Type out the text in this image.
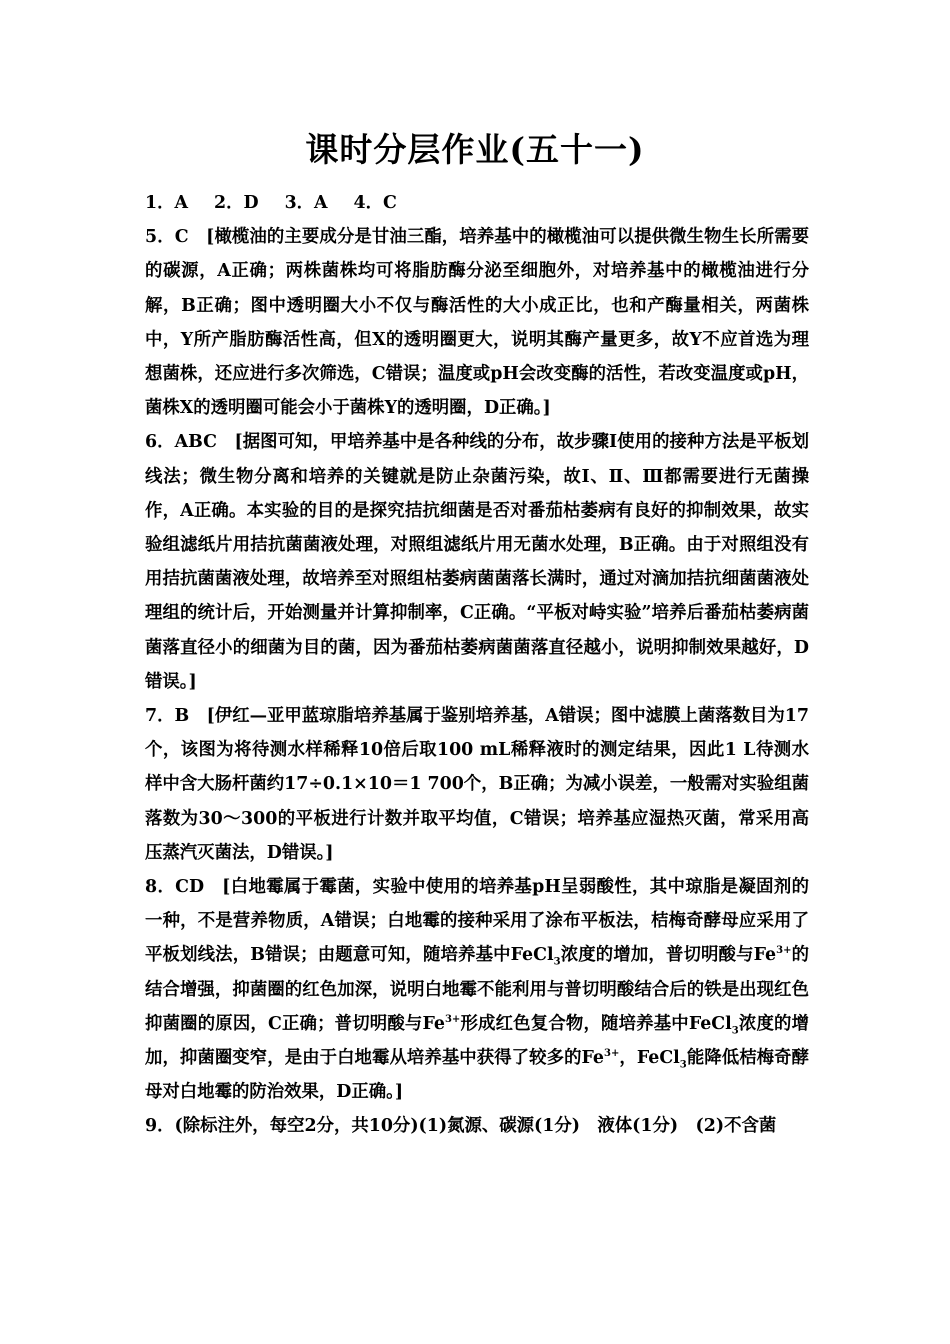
课时分层作业(五十一)

1．A 2．D 3．A 4．C

5．C　[橄榄油的主要成分是甘油三酯，培养基中的橄榄油可以提供微生物生长所需要的碳源，A正确；两株菌株均可将脂肪酶分泌至细胞外，对培养基中的橄榄油进行分解，B正确；图中透明圈大小不仅与酶活性的大小成正比，也和产酶量相关，两菌株中，Y所产脂肪酶活性高，但X的透明圈更大，说明其酶产量更多，故Y不应首选为理想菌株，还应进行多次筛选，C错误；温度或pH会改变酶的活性，若改变温度或pH，菌株X的透明圈可能会小于菌株Y的透明圈，D正确。]

6．ABC　[据图可知，甲培养基中是各种线的分布，故步骤Ⅰ使用的接种方法是平板划线法；微生物分离和培养的关键就是防止杂菌污染，故Ⅰ、Ⅱ、Ⅲ都需要进行无菌操作，A正确。本实验的目的是探究拮抗细菌是否对番茄枯萎病有良好的抑制效果，故实验组滤纸片用拮抗菌菌液处理，对照组滤纸片用无菌水处理，B正确。由于对照组没有用拮抗菌菌液处理，故培养至对照组枯萎病菌菌落长满时，通过对滴加拮抗细菌菌液处理组的统计后，开始测量并计算抑制率，C正确。“平板对峙实验”培养后番茄枯萎病菌菌落直径小的细菌为目的菌，因为番茄枯萎病菌菌落直径越小，说明抑制效果越好，D错误。]

7．B　[伊红—亚甲蓝琼脂培养基属于鉴别培养基，A错误；图中滤膜上菌落数目为17个，该图为将待测水样稀释10倍后取100 mL稀释液时的测定结果，因此1 L待测水样中含大肠杆菌约17÷0.1×10＝1 700个，B正确；为减小误差，一般需对实验组菌落数为30～300的平板进行计数并取平均值，C错误；培养基应湿热灭菌，常采用高压蒸汽灭菌法，D错误。]

8．CD　[白地霉属于霉菌，实验中使用的培养基pH呈弱酸性，其中琼脂是凝固剂的一种，不是营养物质，A错误；白地霉的接种采用了涂布平板法，桔梅奇酵母应采用了平板划线法，B错误；由题意可知，随培养基中FeCl$_3$浓度的增加，普切明酸与$Fe^{3+}$的结合增强，抑菌圈的红色加深，说明白地霉不能利用与普切明酸结合后的铁是出现红色抑菌圈的原因，C正确；普切明酸与$Fe^{3+}$形成红色复合物，随培养基中FeCl$_3$浓度的增加，抑菌圈变窄，是由于白地霉从培养基中获得了较多的$Fe^{3+}$，FeCl$_3$能降低桔梅奇酵母对白地霉的防治效果，D正确。]

9．(除标注外，每空2分，共10分)(1)氮源、碳源(1分)　液体(1分)　(2)不含菌
